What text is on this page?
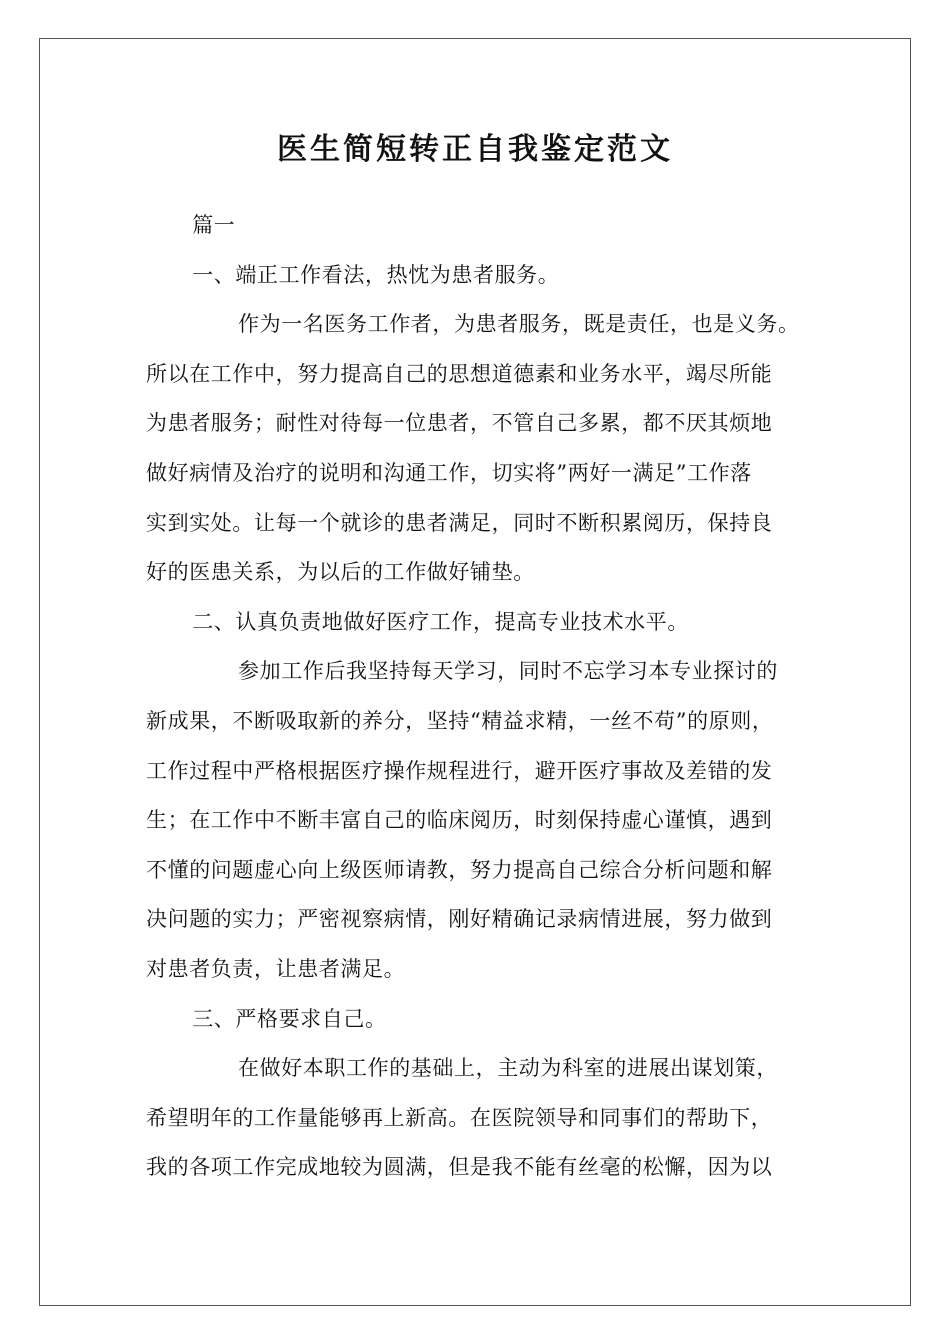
医生简短转正自我鉴定范文

篇一

一、端正工作看法，热忱为患者服务。

作为一名医务工作者，为患者服务，既是责任，也是义务。
所以在工作中，努力提高自己的思想道德素和业务水平，竭尽所能
为患者服务；耐性对待每一位患者，不管自己多累，都不厌其烦地
做好病情及治疗的说明和沟通工作，切实将”两好一满足”工作落
实到实处。让每一个就诊的患者满足，同时不断积累阅历，保持良
好的医患关系，为以后的工作做好铺垫。

二、认真负责地做好医疗工作，提高专业技术水平。

参加工作后我坚持每天学习，同时不忘学习本专业探讨的
新成果，不断吸取新的养分，坚持“精益求精，一丝不苟”的原则，
工作过程中严格根据医疗操作规程进行，避开医疗事故及差错的发
生；在工作中不断丰富自己的临床阅历，时刻保持虚心谨慎，遇到
不懂的问题虚心向上级医师请教，努力提高自己综合分析问题和解
决问题的实力；严密视察病情，刚好精确记录病情进展，努力做到
对患者负责，让患者满足。

三、严格要求自己。

在做好本职工作的基础上，主动为科室的进展出谋划策，
希望明年的工作量能够再上新高。在医院领导和同事们的帮助下，
我的各项工作完成地较为圆满，但是我不能有丝毫的松懈，因为以
